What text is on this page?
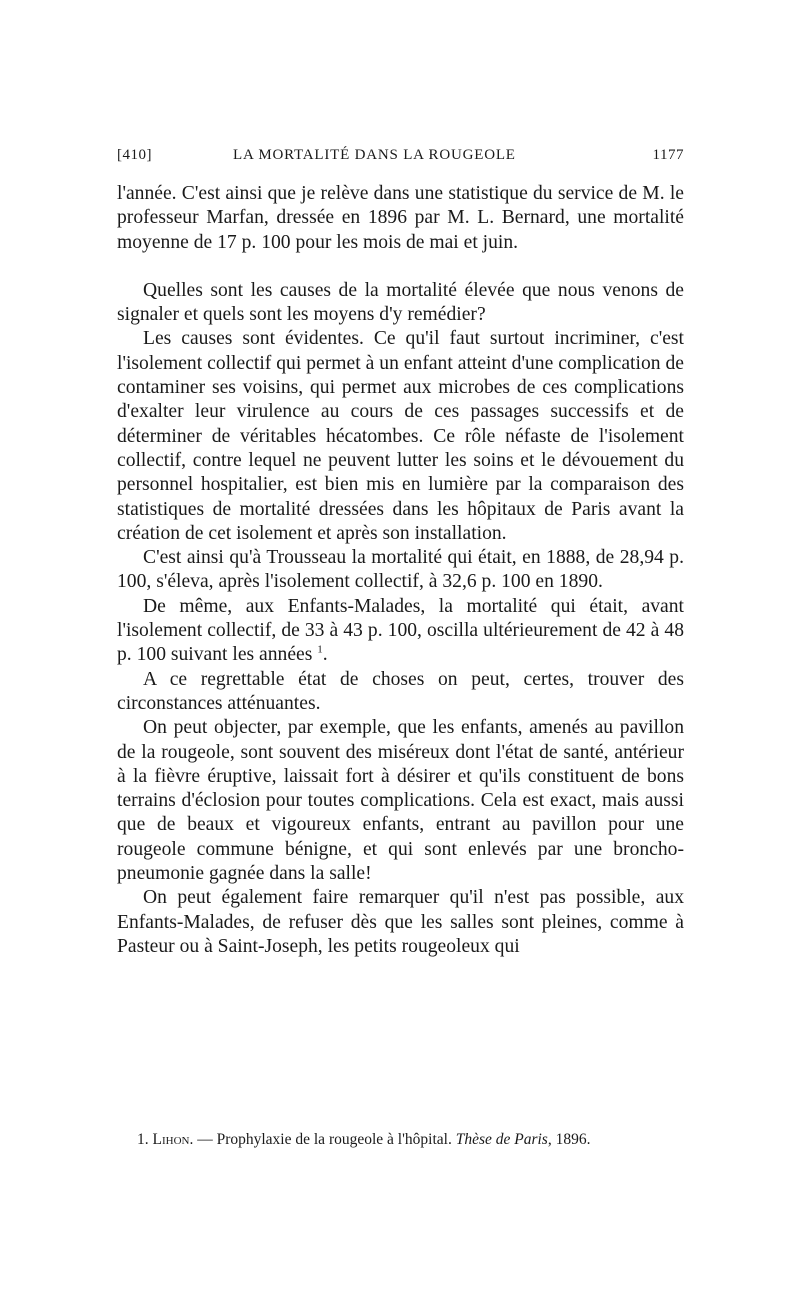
[410]	LA MORTALITÉ DANS LA ROUGEOLE	1177

l'année. C'est ainsi que je relève dans une statistique du service de M. le professeur Marfan, dressée en 1896 par M. L. Bernard, une mortalité moyenne de 17 p. 100 pour les mois de mai et juin.

Quelles sont les causes de la mortalité élevée que nous venons de signaler et quels sont les moyens d'y remédier?

Les causes sont évidentes. Ce qu'il faut surtout incriminer, c'est l'isolement collectif qui permet à un enfant atteint d'une complication de contaminer ses voisins, qui permet aux microbes de ces complications d'exalter leur virulence au cours de ces passages successifs et de déterminer de véritables hécatombes. Ce rôle néfaste de l'isolement collectif, contre lequel ne peuvent lutter les soins et le dévouement du personnel hospitalier, est bien mis en lumière par la comparaison des statistiques de mortalité dressées dans les hôpitaux de Paris avant la création de cet isolement et après son installation.

C'est ainsi qu'à Trousseau la mortalité qui était, en 1888, de 28,94 p. 100, s'éleva, après l'isolement collectif, à 32,6 p. 100 en 1890.

De même, aux Enfants-Malades, la mortalité qui était, avant l'isolement collectif, de 33 à 43 p. 100, oscilla ultérieurement de 42 à 48 p. 100 suivant les années $^1$.

A ce regrettable état de choses on peut, certes, trouver des circonstances atténuantes.

On peut objecter, par exemple, que les enfants, amenés au pavillon de la rougeole, sont souvent des miséreux dont l'état de santé, antérieur à la fièvre éruptive, laissait fort à désirer et qu'ils constituent de bons terrains d'éclosion pour toutes complications. Cela est exact, mais aussi que de beaux et vigoureux enfants, entrant au pavillon pour une rougeole commune bénigne, et qui sont enlevés par une broncho-pneumonie gagnée dans la salle!

On peut également faire remarquer qu'il n'est pas possible, aux Enfants-Malades, de refuser dès que les salles sont pleines, comme à Pasteur ou à Saint-Joseph, les petits rougeoleux qui

1. Lihon. — Prophylaxie de la rougeole à l'hôpital. Thèse de Paris, 1896.
